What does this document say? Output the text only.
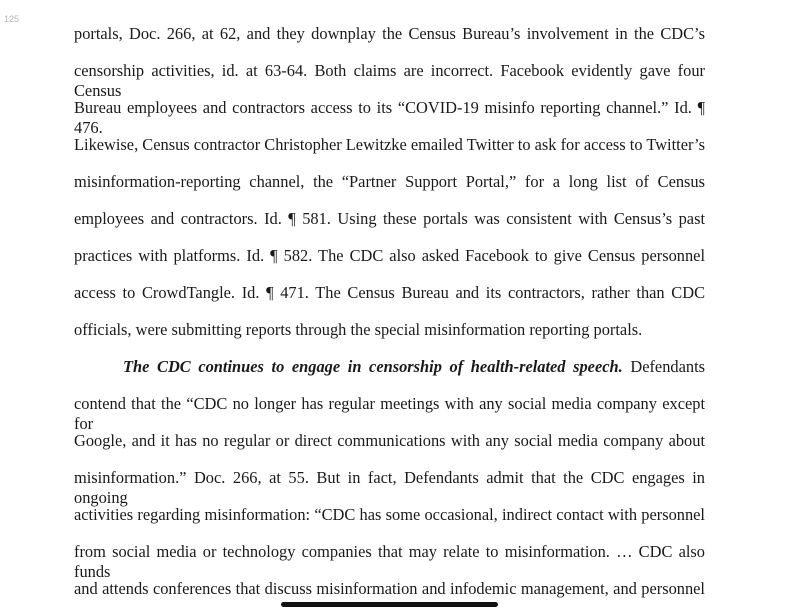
125
portals, Doc. 266, at 62, and they downplay the Census Bureau’s involvement in the CDC’s
censorship activities, id. at 63-64. Both claims are incorrect. Facebook evidently gave four Census
Bureau employees and contractors access to its “COVID-19 misinfo reporting channel.” Id. ¶ 476.
Likewise, Census contractor Christopher Lewitzke emailed Twitter to ask for access to Twitter’s
misinformation-reporting channel, the “Partner Support Portal,” for a long list of Census
employees and contractors. Id. ¶ 581. Using these portals was consistent with Census’s past
practices with platforms. Id. ¶ 582. The CDC also asked Facebook to give Census personnel
access to CrowdTangle. Id. ¶ 471. The Census Bureau and its contractors, rather than CDC
officials, were submitting reports through the special misinformation reporting portals.
The CDC continues to engage in censorship of health-related speech. Defendants
contend that the “CDC no longer has regular meetings with any social media company except for
Google, and it has no regular or direct communications with any social media company about
misinformation.” Doc. 266, at 55. But in fact, Defendants admit that the CDC engages in ongoing
activities regarding misinformation: “CDC has some occasional, indirect contact with personnel
from social media or technology companies that may relate to misinformation. … CDC also funds
and attends conferences that discuss misinformation and infodemic management, and personnel
